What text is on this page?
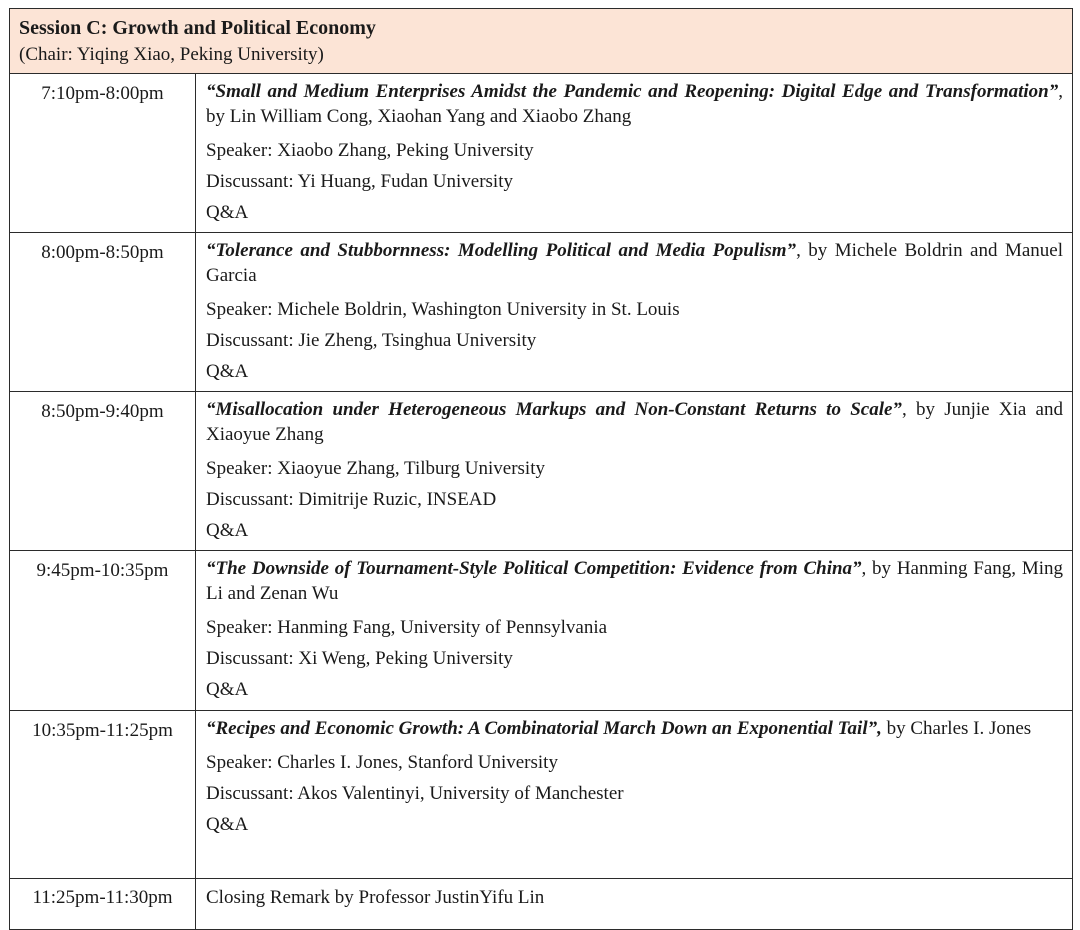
Session C: Growth and Political Economy
(Chair: Yiqing Xiao, Peking University)	

7:10pm-8:00pm	“Small and Medium Enterprises Amidst the Pandemic and Reopening: Digital Edge and Transformation”, by Lin William Cong, Xiaohan Yang and Xiaobo Zhang
Speaker: Xiaobo Zhang, Peking University
Discussant: Yi Huang, Fudan University
Q&A

8:00pm-8:50pm	“Tolerance and Stubbornness: Modelling Political and Media Populism”, by Michele Boldrin and Manuel Garcia
Speaker: Michele Boldrin, Washington University in St. Louis
Discussant: Jie Zheng, Tsinghua University
Q&A

8:50pm-9:40pm	“Misallocation under Heterogeneous Markups and Non-Constant Returns to Scale”, by Junjie Xia and Xiaoyue Zhang
Speaker: Xiaoyue Zhang, Tilburg University
Discussant: Dimitrije Ruzic, INSEAD
Q&A

9:45pm-10:35pm	“The Downside of Tournament-Style Political Competition: Evidence from China”, by Hanming Fang, Ming Li and Zenan Wu
Speaker: Hanming Fang, University of Pennsylvania
Discussant: Xi Weng, Peking University
Q&A

10:35pm-11:25pm	“Recipes and Economic Growth: A Combinatorial March Down an Exponential Tail”, by Charles I. Jones
Speaker: Charles I. Jones, Stanford University
Discussant: Akos Valentinyi, University of Manchester
Q&A

11:25pm-11:30pm	Closing Remark by Professor JustinYifu Lin
